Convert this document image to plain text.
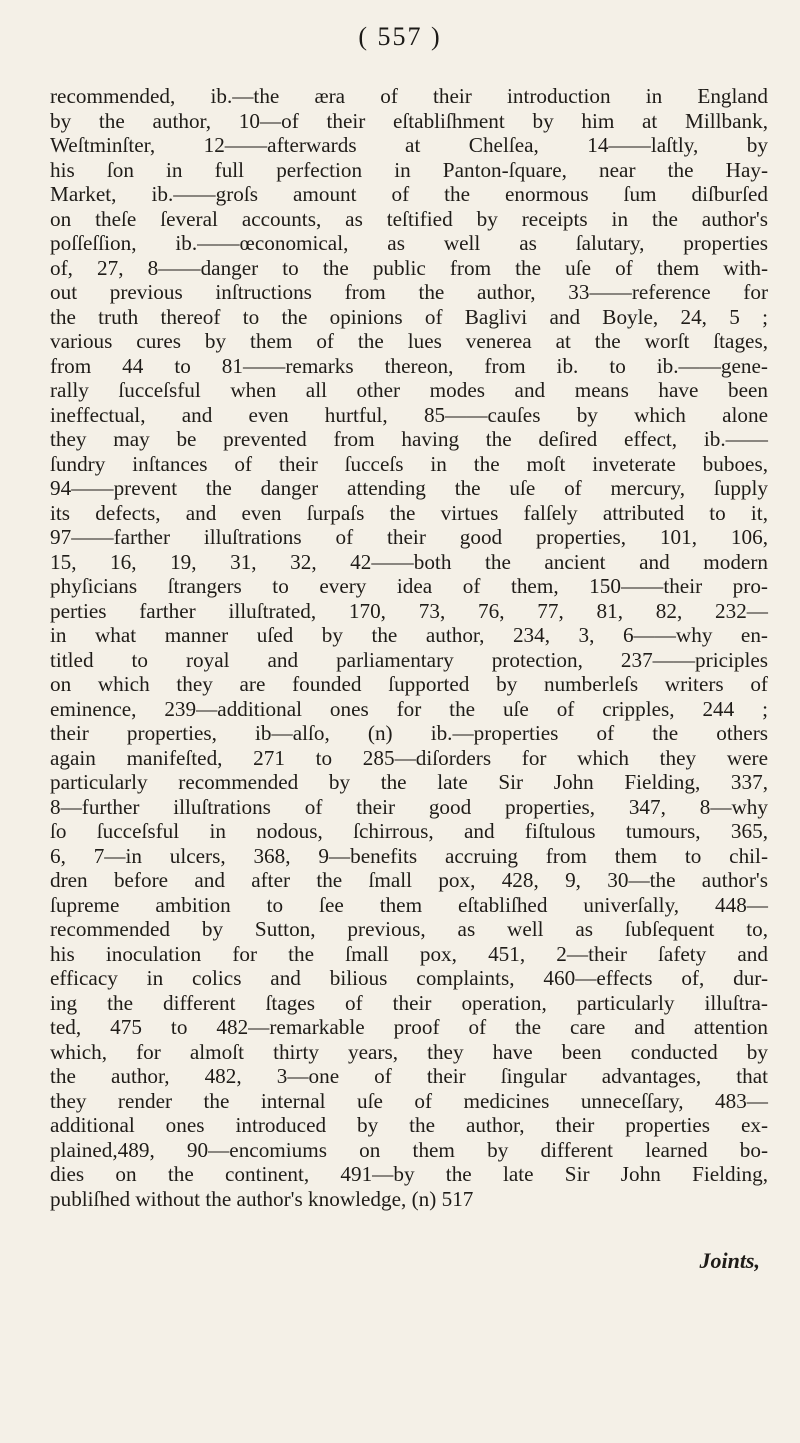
( 557 )
recommended, ib.—the æra of their introduction in England
by the author, 10—of their eſtabliſhment by him at Millbank,
Weſtminſter, 12——afterwards at Chelſea, 14——laſtly, by
his ſon in full perfection in Panton-ſquare, near the Hay-
Market, ib.——groſs amount of the enormous ſum diſburſed
on theſe ſeveral accounts, as teſtified by receipts in the author's
poſſeſſion, ib.——œconomical, as well as ſalutary, properties
of, 27, 8——danger to the public from the uſe of them with-
out previous inſtructions from the author, 33——reference for
the truth thereof to the opinions of Baglivi and Boyle, 24, 5 ;
various cures by them of the lues venerea at the worſt ſtages,
from 44 to 81——remarks thereon, from ib. to ib.——gene-
rally ſucceſsful when all other modes and means have been
ineffectual, and even hurtful, 85——cauſes by which alone
they may be prevented from having the deſired effect, ib.——
ſundry inſtances of their ſucceſs in the moſt inveterate buboes,
94——prevent the danger attending the uſe of mercury, ſupply
its defects, and even ſurpaſs the virtues falſely attributed to it,
97——farther illuſtrations of their good properties, 101, 106,
15, 16, 19, 31, 32, 42——both the ancient and modern
phyſicians ſtrangers to every idea of them, 150——their pro-
perties farther illuſtrated, 170, 73, 76, 77, 81, 82, 232—
in what manner uſed by the author, 234, 3, 6——why en-
titled to royal and parliamentary protection, 237——priciples
on which they are founded ſupported by numberleſs writers of
eminence, 239—additional ones for the uſe of cripples, 244 ;
their properties, ib—alſo, (n) ib.—properties of the others
again manifeſted, 271 to 285—diſorders for which they were
particularly recommended by the late Sir John Fielding, 337,
8—further illuſtrations of their good properties, 347, 8—why
ſo ſucceſsful in nodous, ſchirrous, and fiſtulous tumours, 365,
6, 7—in ulcers, 368, 9—benefits accruing from them to chil-
dren before and after the ſmall pox, 428, 9, 30—the author's
ſupreme ambition to ſee them eſtabliſhed univerſally, 448—
recommended by Sutton, previous, as well as ſubſequent to,
his inoculation for the ſmall pox, 451, 2—their ſafety and
efficacy in colics and bilious complaints, 460—effects of, dur-
ing the different ſtages of their operation, particularly illuſtra-
ted, 475 to 482—remarkable proof of the care and attention
which, for almoſt thirty years, they have been conducted by
the author, 482, 3—one of their ſingular advantages, that
they render the internal uſe of medicines unneceſſary, 483—
additional ones introduced by the author, their properties ex-
plained,489, 90—encomiums on them by different learned bo-
dies on the continent, 491—by the late Sir John Fielding,
publiſhed without the author's knowledge, (n) 517
Joints,
